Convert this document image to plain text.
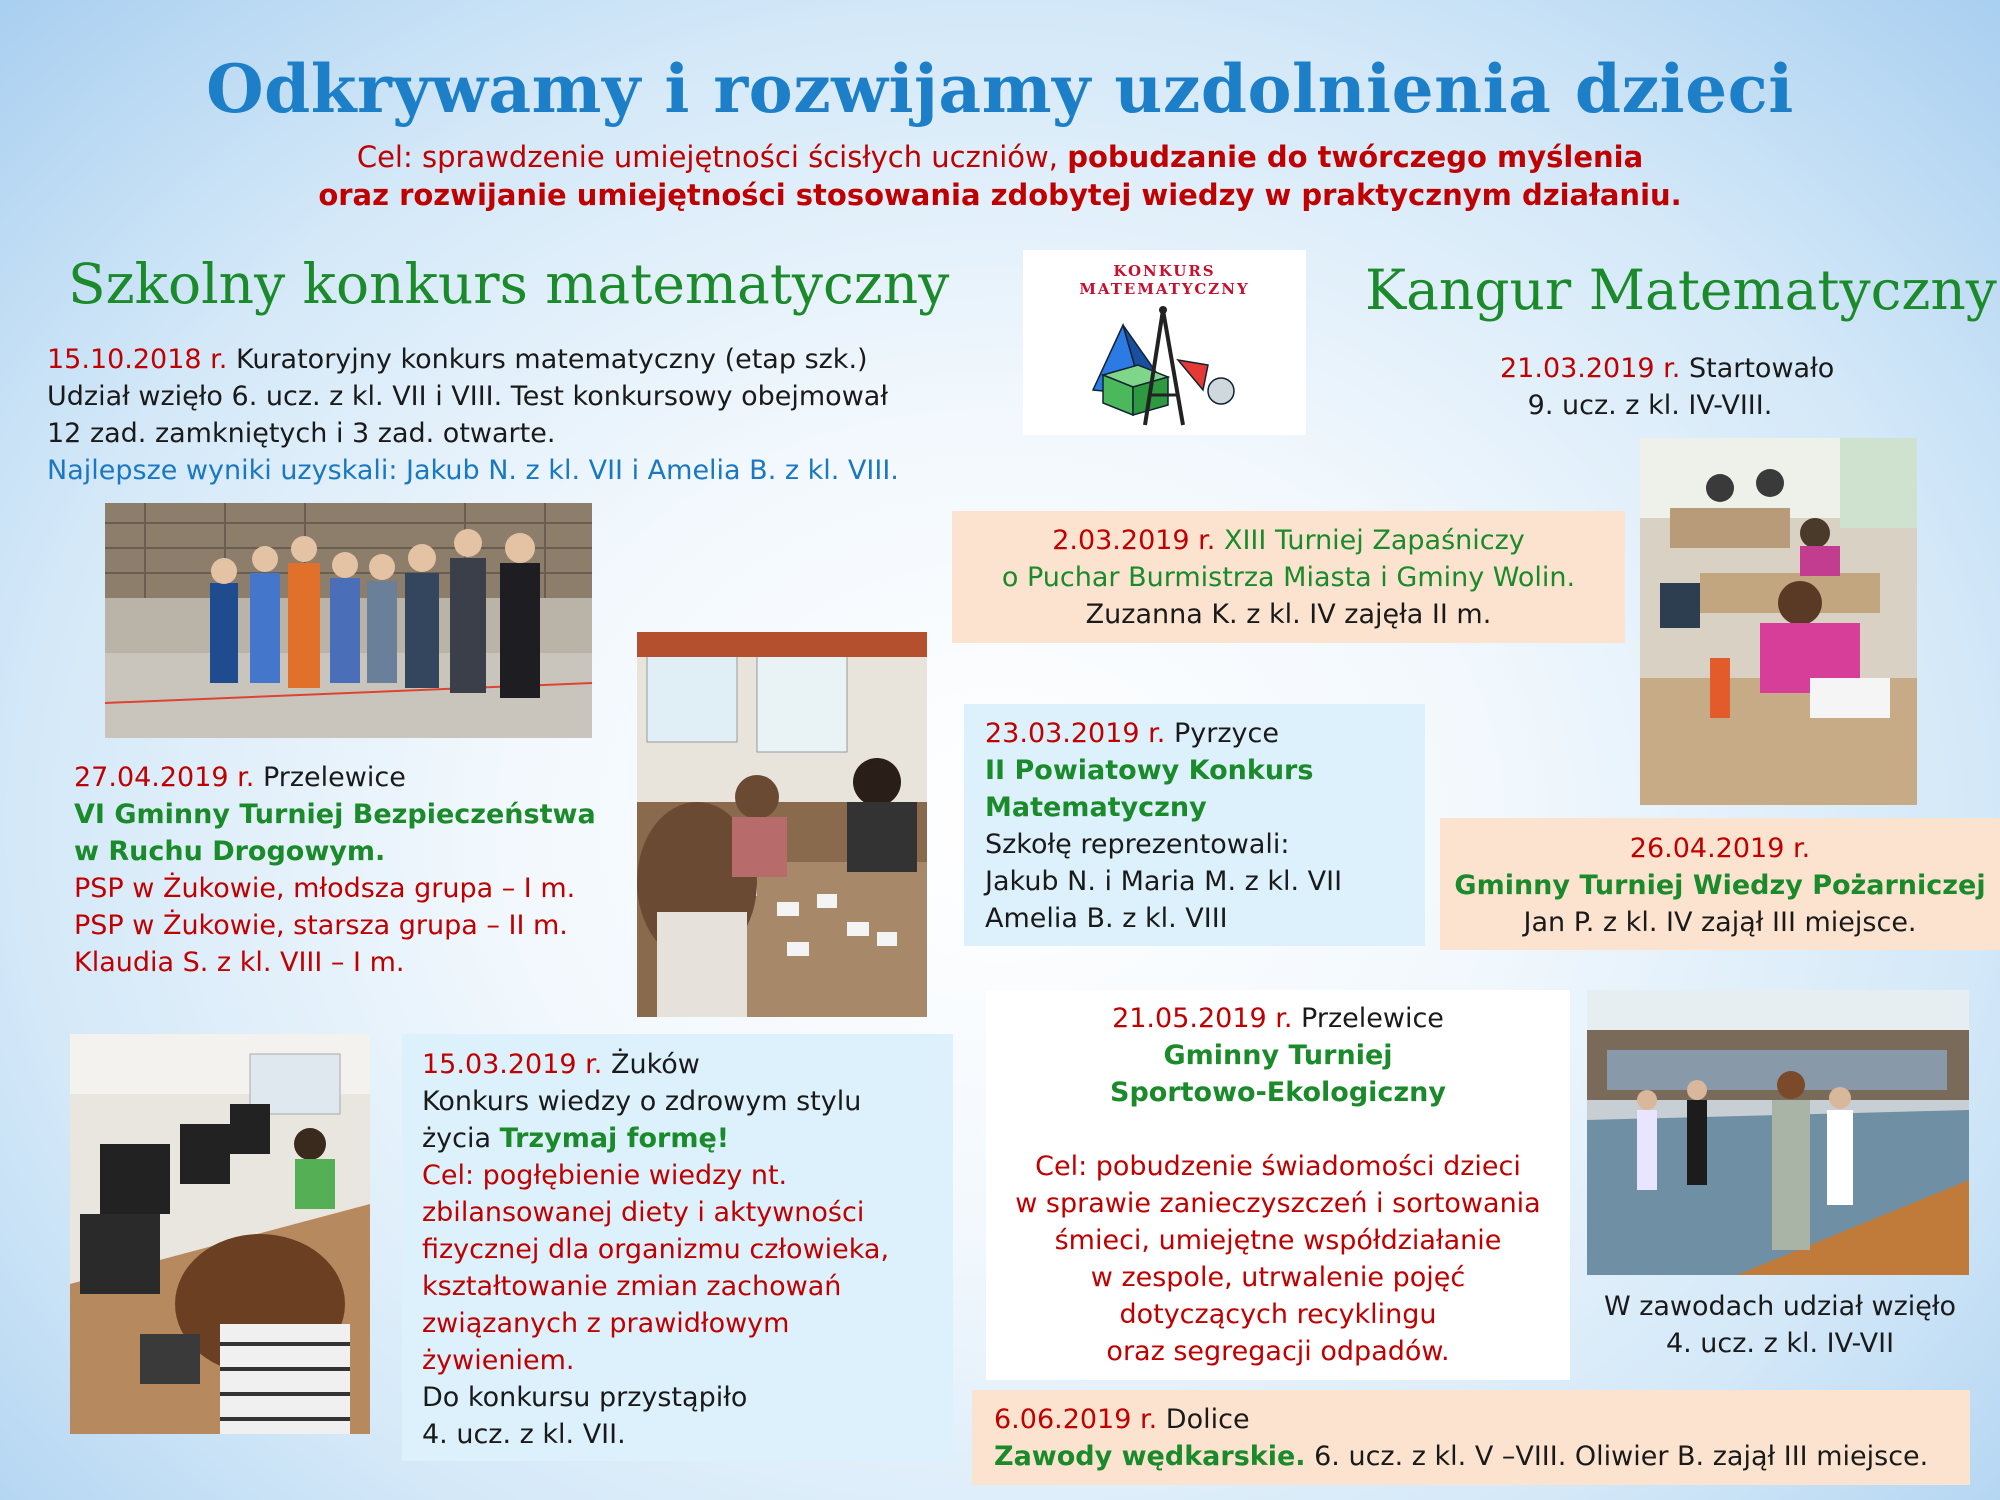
Odkrywamy i rozwijamy uzdolnienia dzieci
Cel: sprawdzenie umiejętności ścisłych uczniów, pobudzanie do twórczego myślenia
oraz rozwijanie umiejętności stosowania zdobytej wiedzy w praktycznym działaniu.
Szkolny konkurs matematyczny
15.10.2018 r. Kuratoryjny konkurs matematyczny (etap szk.)
Udział wzięło 6. ucz. z kl. VII i VIII. Test konkursowy obejmował
12 zad. zamkniętych i 3 zad. otwarte.
Najlepsze wyniki uzyskali: Jakub N. z kl. VII i Amelia B. z kl. VIII.
KONKURS
MATEMATYCZNY	Kangur Matematyczny
21.03.2019 r. Startowało
9. ucz. z kl. IV-VIII.
2.03.2019 r. XIII Turniej Zapaśniczy
o Puchar Burmistrza Miasta i Gminy Wolin.
Zuzanna K. z kl. IV zajęła II m.
27.04.2019 r. Przelewice
VI Gminny Turniej Bezpieczeństwa
w Ruchu Drogowym.
PSP w Żukowie, młodsza grupa – I m.
PSP w Żukowie, starsza grupa – II m.
Klaudia S. z kl. VIII – I m.
23.03.2019 r. Pyrzyce
II Powiatowy Konkurs
Matematyczny
Szkołę reprezentowali:
Jakub N. i Maria M. z kl. VII
Amelia B. z kl. VIII
26.04.2019 r.
Gminny Turniej Wiedzy Pożarniczej
Jan P. z kl. IV zajął III miejsce.
15.03.2019 r. Żuków
Konkurs wiedzy o zdrowym stylu
życia Trzymaj formę!
Cel: pogłębienie wiedzy nt.
zbilansowanej diety i aktywności
fizycznej dla organizmu człowieka,
kształtowanie zmian zachowań
związanych z prawidłowym
żywieniem.
Do konkursu przystąpiło
4. ucz. z kl. VII.
21.05.2019 r. Przelewice
Gminny Turniej
Sportowo-Ekologiczny
Cel: pobudzenie świadomości dzieci
w sprawie zanieczyszczeń i sortowania
śmieci, umiejętne współdziałanie
w zespole, utrwalenie pojęć
dotyczących recyklingu
oraz segregacji odpadów.
W zawodach udział wzięło
4. ucz. z kl. IV-VII
6.06.2019 r. Dolice
Zawody wędkarskie. 6. ucz. z kl. V –VIII. Oliwier B. zajął III miejsce.
